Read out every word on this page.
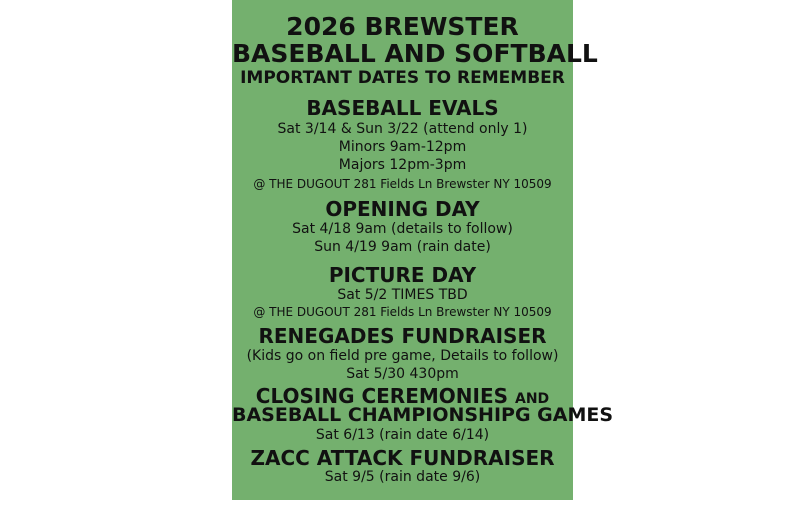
2026 BREWSTER
BASEBALL AND SOFTBALL
IMPORTANT DATES TO REMEMBER
BASEBALL EVALS
Sat 3/14 & Sun 3/22 (attend only 1)
Minors 9am-12pm
Majors 12pm-3pm
@ THE DUGOUT 281 Fields Ln Brewster NY 10509
OPENING DAY
Sat 4/18 9am (details to follow)
Sun 4/19 9am (rain date)
PICTURE DAY
Sat 5/2 TIMES TBD
@ THE DUGOUT 281 Fields Ln Brewster NY 10509
RENEGADES FUNDRAISER
(Kids go on field pre game, Details to follow)
Sat 5/30 430pm
CLOSING CEREMONIES AND
BASEBALL CHAMPIONSHIPG GAMES
Sat 6/13 (rain date 6/14)
ZACC ATTACK FUNDRAISER
Sat 9/5 (rain date 9/6)
